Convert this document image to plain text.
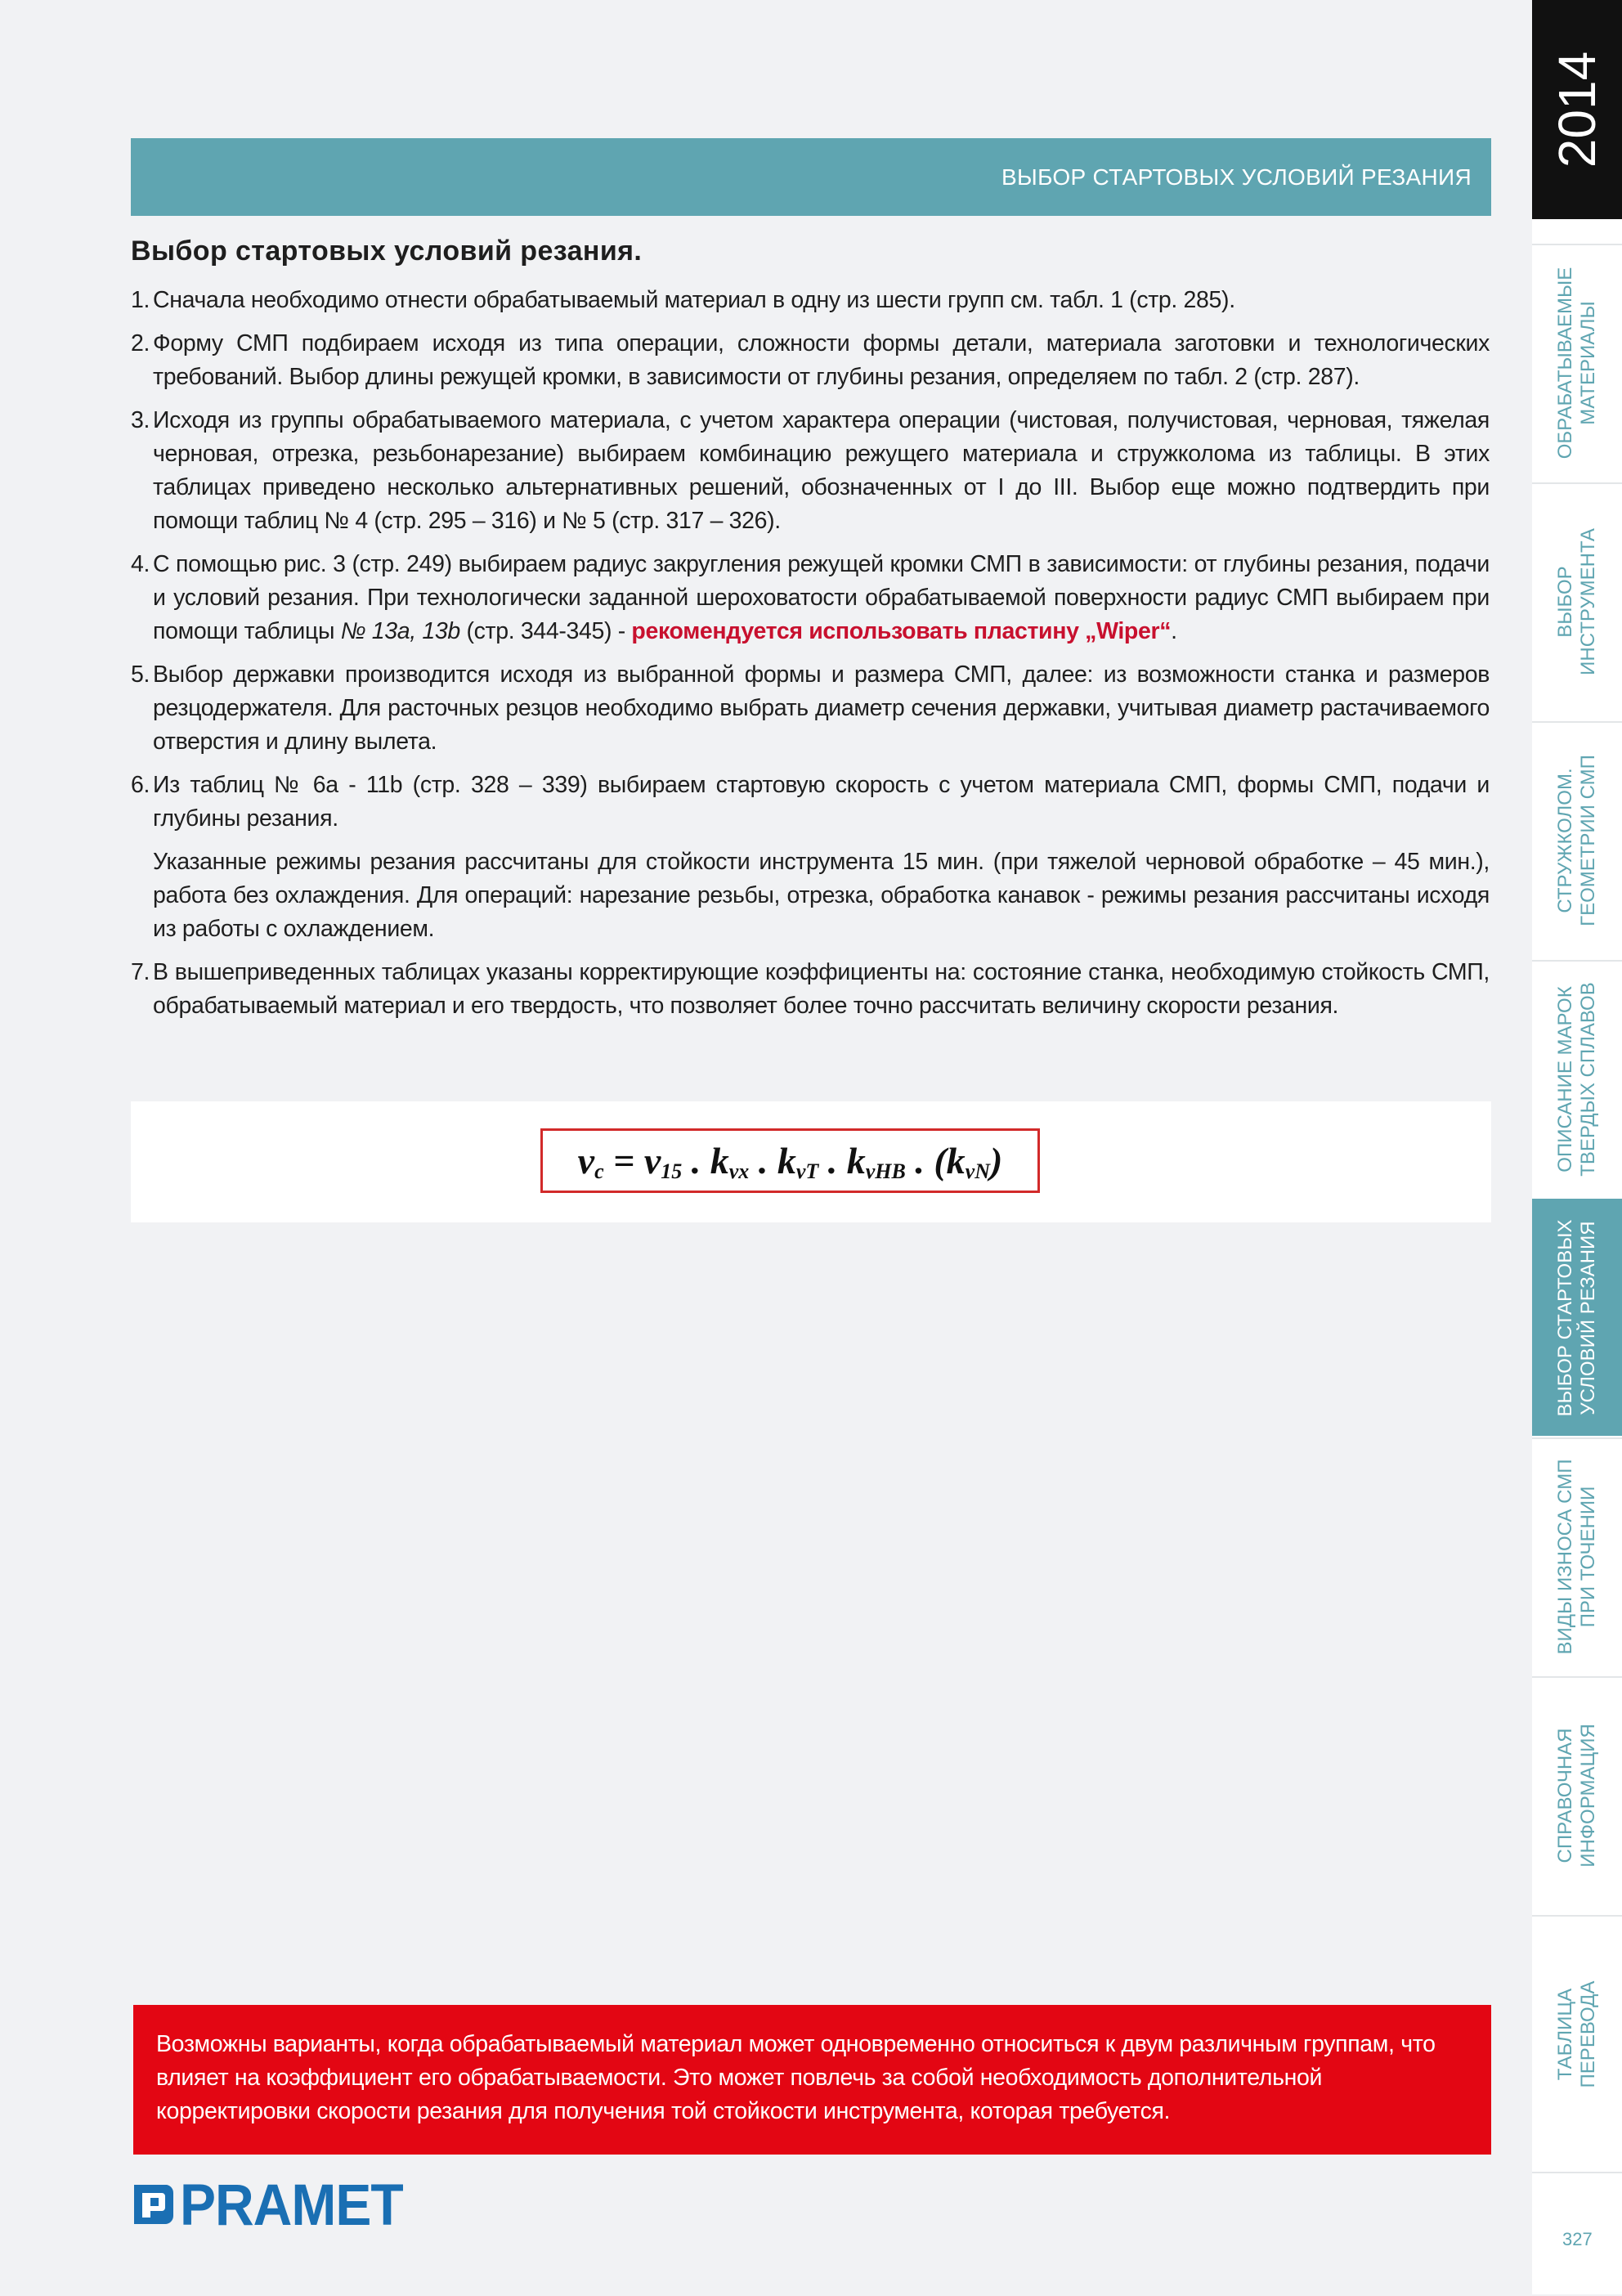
ВЫБОР СТАРТОВЫХ УСЛОВИЙ РЕЗАНИЯ
Выбор стартовых условий резания.
1. Сначала необходимо отнести обрабатываемый материал в одну из шести групп см. табл. 1 (стр. 285).
2. Форму СМП подбираем исходя из типа операции, сложности формы детали, материала заготовки и технологических требований. Выбор длины режущей кромки, в зависимости от глубины резания, определяем по табл. 2 (стр. 287).
3. Исходя из группы обрабатываемого материала, с учетом характера операции (чистовая, получистовая, черновая, тяжелая черновая, отрезка, резьбонарезание) выбираем комбинацию режущего материала и стружколома из таблицы. В этих таблицах приведено несколько альтернативных решений, обозначенных от I до III. Выбор еще можно подтвердить при помощи таблиц № 4 (стр. 295 – 316) и № 5 (стр. 317 – 326).
4. С помощью рис. 3 (стр. 249) выбираем радиус закругления режущей кромки СМП в зависимости: от глубины резания, подачи и условий резания. При технологически заданной шероховатости обрабатываемой поверхности радиус СМП выбираем при помощи таблицы № 13a, 13b (стр. 344-345) - рекомендуется использовать пластину „Wiper“.
5. Выбор державки производится исходя из выбранной формы и размера СМП, далее: из возможности станка и размеров резцодержателя. Для расточных резцов необходимо выбрать диаметр сечения державки, учитывая диаметр растачиваемого отверстия и длину вылета.
6. Из таблиц № 6a - 11b (стр. 328 – 339) выбираем стартовую скорость с учетом материала СМП, формы СМП, подачи и глубины резания.
Указанные режимы резания рассчитаны для стойкости инструмента 15 мин. (при тяжелой черновой обработке – 45 мин.), работа без охлаждения. Для операций: нарезание резьбы, отрезка, обработка канавок - режимы резания рассчитаны исходя из работы с охлаждением.
7. В вышеприведенных таблицах указаны корректирующие коэффициенты на: состояние станка, необходимую стойкость СМП, обрабатываемый материал и его твердость, что позволяет более точно рассчитать величину скорости резания.
$v_c = v_{15}$ . $k_{vx}$ . $k_{vT}$ . $k_{vHB}$ . ( $k_{vN}$ )
Возможны варианты, когда обрабатываемый материал может одновременно относиться к двум различным группам, что влияет на коэффициент его обрабатываемости. Это может повлечь за собой необходимость дополнительной корректировки скорости резания для получения той стойкости инструмента, которая требуется.
PRAMET
2014
ОБРАБАТЫВАЕМЫЕ МАТЕРИАЛЫ
ВЫБОР ИНСТРУМЕНТА
СТРУЖКОЛОМ. ГЕОМЕТРИИ СМП
ОПИСАНИЕ МАРОК ТВЕРДЫХ СПЛАВОВ
ВЫБОР СТАРТОВЫХ УСЛОВИЙ РЕЗАНИЯ
ВИДЫ ИЗНОСА СМП ПРИ ТОЧЕНИИ
СПРАВОЧНАЯ ИНФОРМАЦИЯ
ТАБЛИЦА ПЕРЕВОДА
327
